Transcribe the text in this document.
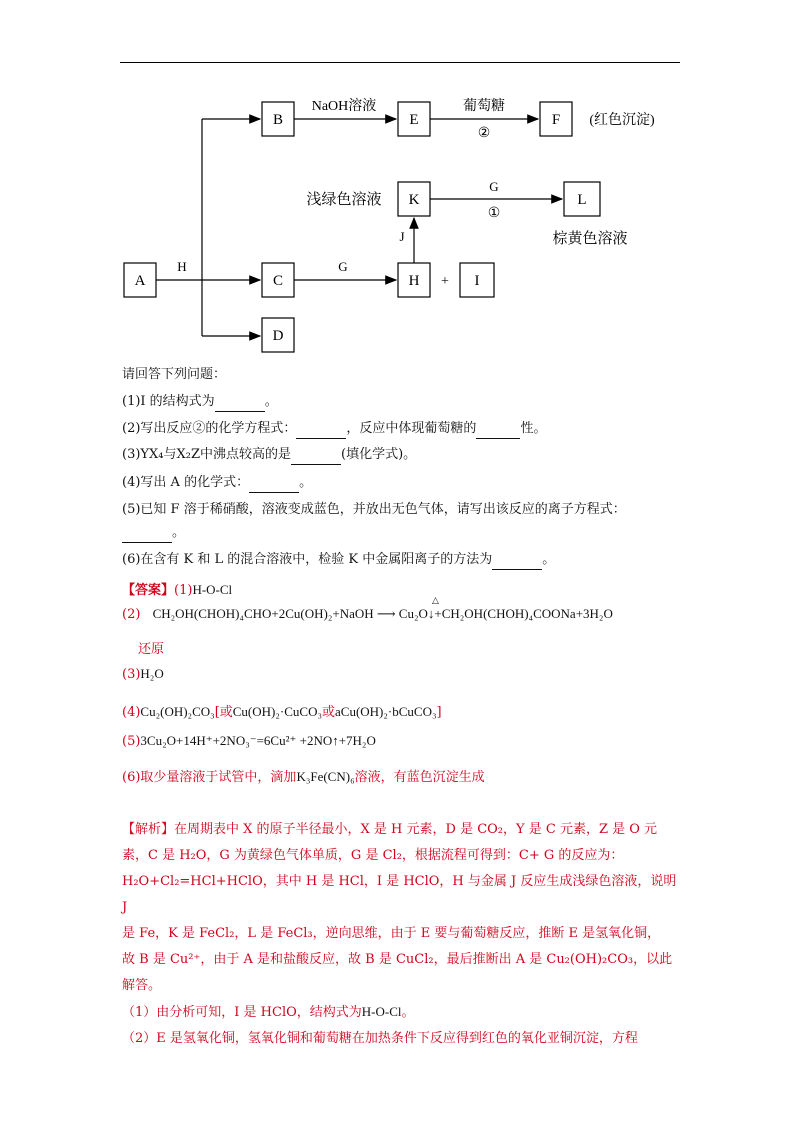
A
B	E	F
K	L
C	H	I
D
NaOH溶液	葡萄糖
②
(红色沉淀)
浅绿色溶液
G
①
棕黄色溶液
J
H	G
+
请回答下列问题：
(1)I 的结构式为	。
(2)写出反应②的化学方程式：	，反应中体现葡萄糖的	性。
(3)YX₄与X₂Z中沸点较高的是	(填化学式)。
(4)写出 A 的化学式：	。
(5)已知 F 溶于稀硝酸，溶液变成蓝色，并放出无色气体，请写出该反应的离子方程式：
。
(6)在含有 K 和 L 的混合溶液中，检验 K 中金属阳离子的方法为	。
【答案】(1)H-O-Cl
(2)
△
CH₂OH(CHOH)₄CHO+2Cu(OH)₂+NaOH ⟶ Cu₂O↓+CH₂OH(CHOH)₄COONa+3H₂O
还原
(3)H₂O
(4)Cu₂(OH)₂CO₃[或Cu(OH)₂·CuCO₃或aCu(OH)₂·bCuCO₃]
(5)3Cu₂O+14H⁺+2NO₃⁻=6Cu²⁺ +2NO↑+7H₂O
(6)取少量溶液于试管中，滴加K₃Fe(CN)₆溶液，有蓝色沉淀生成

【解析】在周期表中 X 的原子半径最小，X 是 H 元素，D 是 CO₂，Y 是 C 元素，Z 是 O 元

素，C 是 H₂O，G 为黄绿色气体单质，G 是 Cl₂，根据流程可得到：C+ G 的反应为：

H₂O+Cl₂=HCl+HClO，其中 H 是 HCl，I 是 HClO，H 与金属 J 反应生成浅绿色溶液，说明 J

是 Fe，K 是 FeCl₂，L 是 FeCl₃，逆向思维，由于 E 要与葡萄糖反应，推断 E 是氢氧化铜，

故 B 是 Cu²⁺，由于 A 是和盐酸反应，故 B 是 CuCl₂，最后推断出 A 是 Cu₂(OH)₂CO₃，以此

解答。

（1）由分析可知，I 是 HClO，结构式为H-O-Cl。

（2）E 是氢氧化铜，氢氧化铜和葡萄糖在加热条件下反应得到红色的氧化亚铜沉淀，方程
